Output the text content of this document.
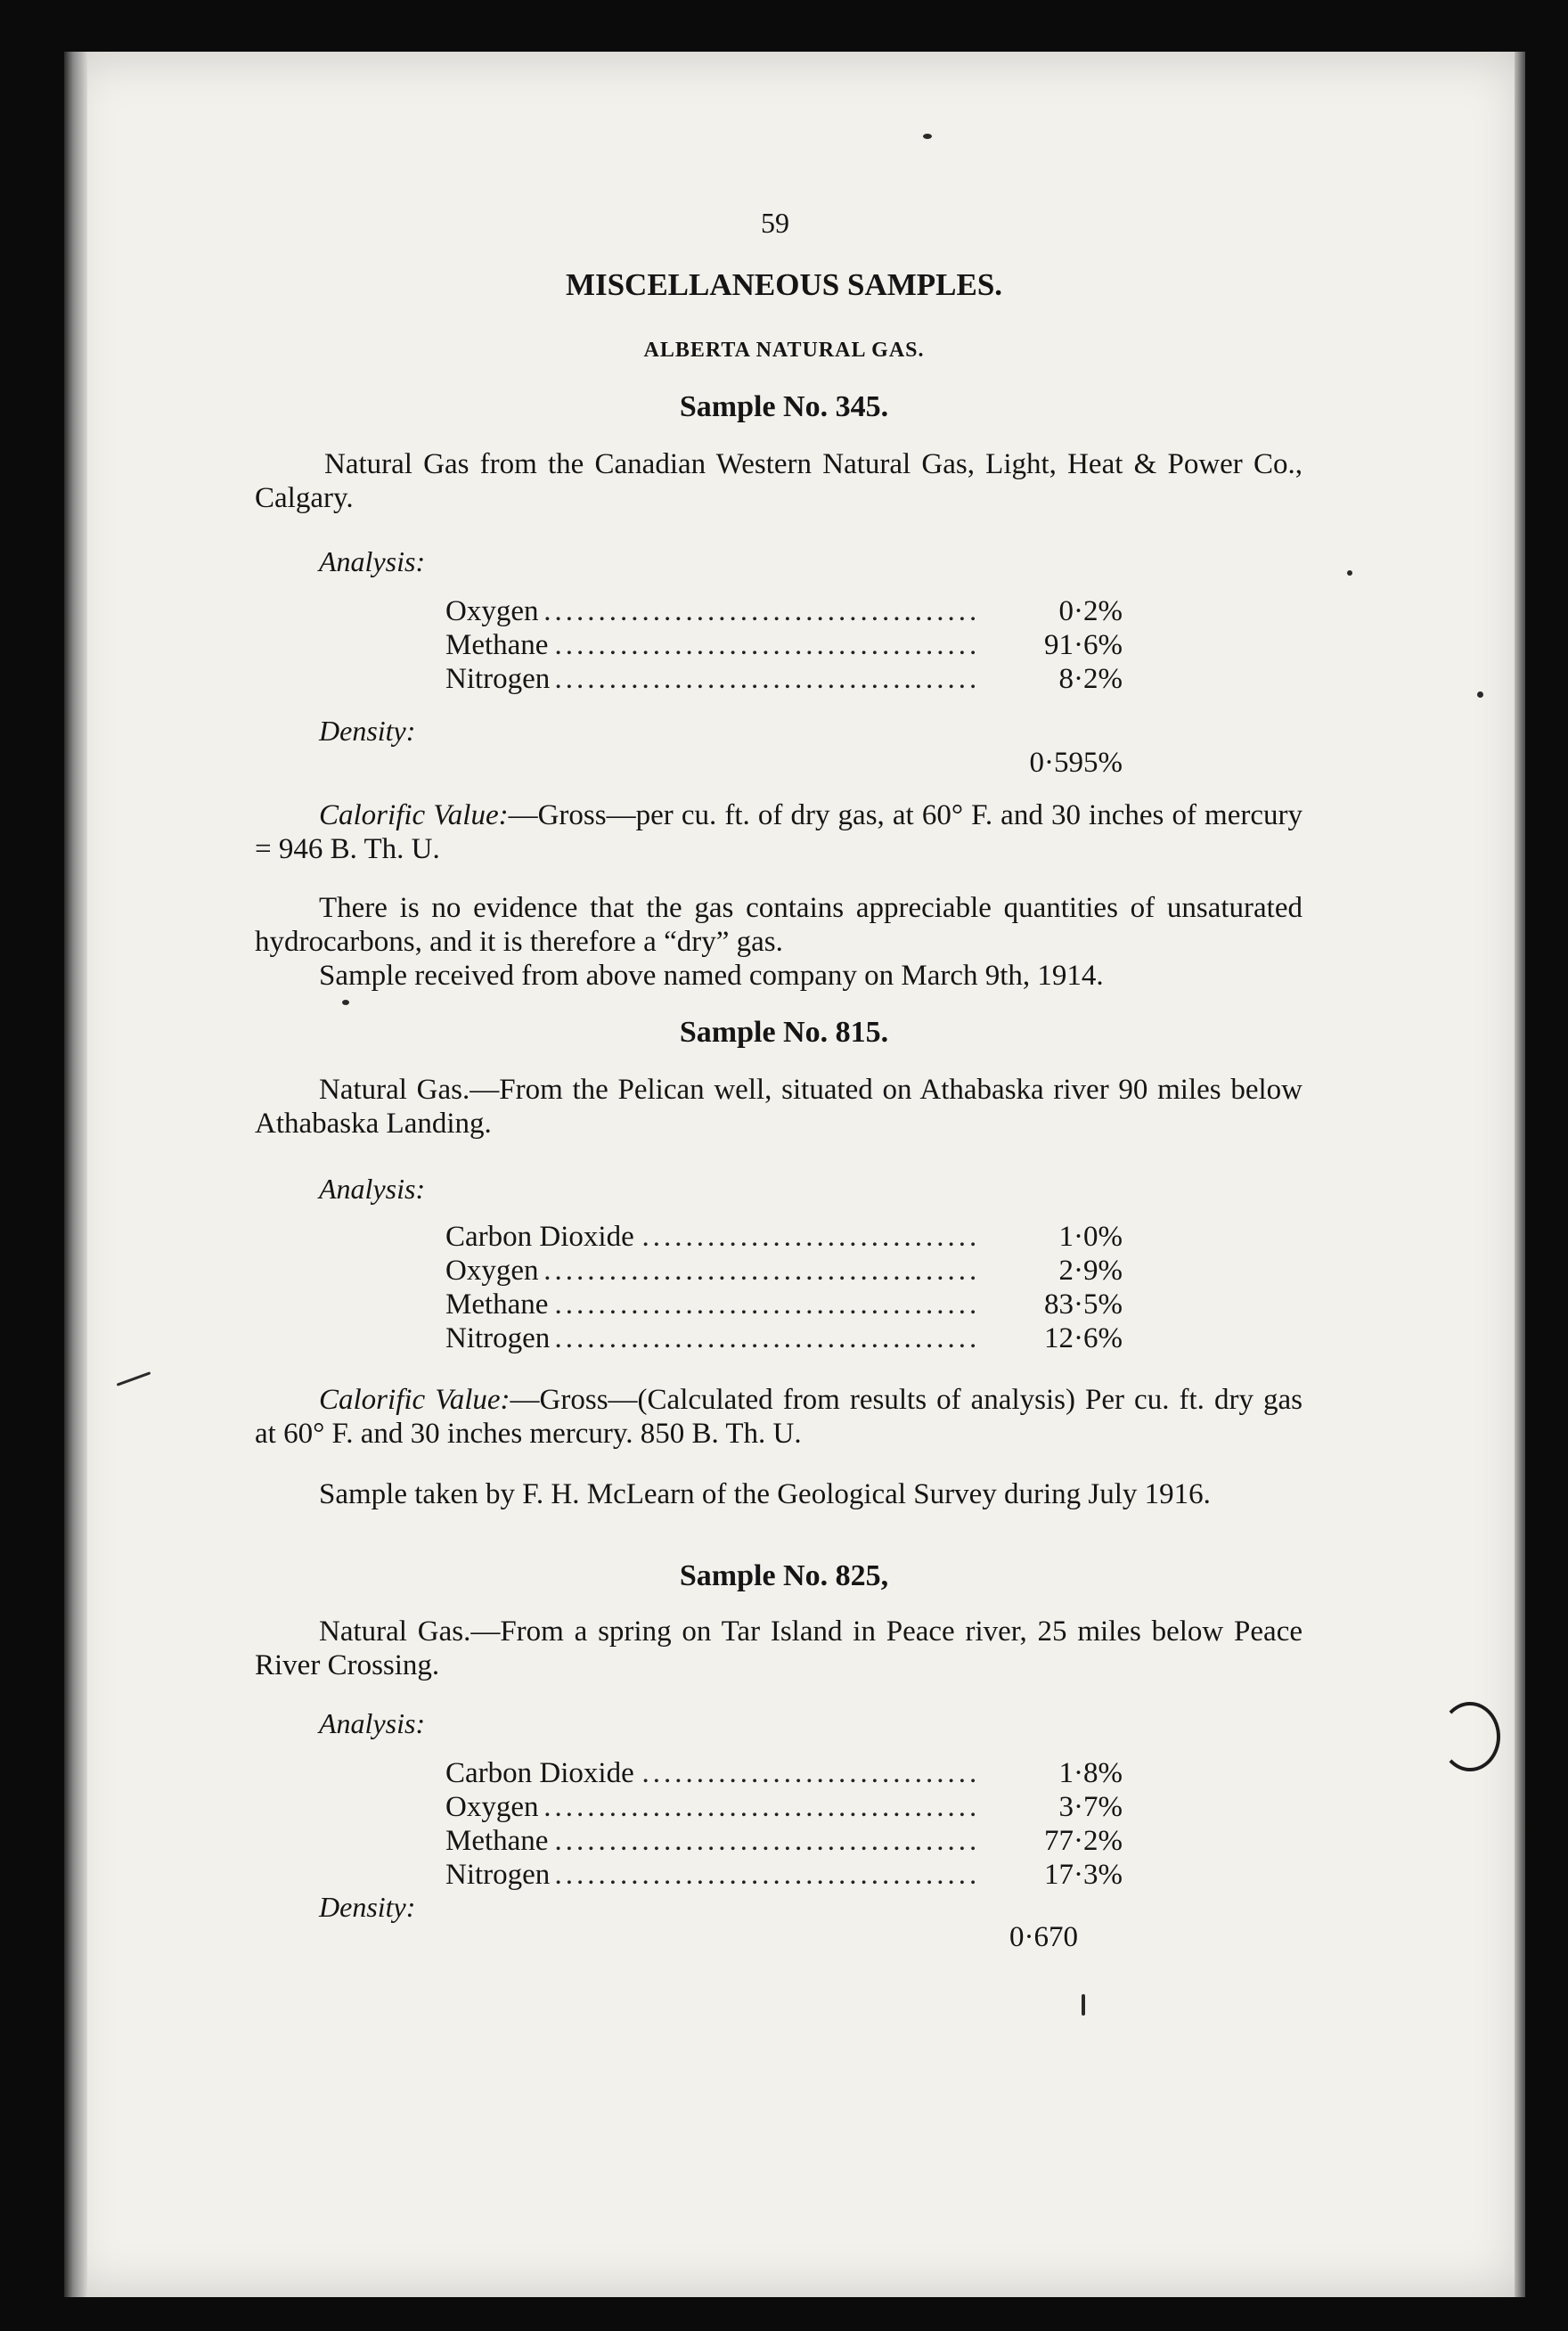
59

MISCELLANEOUS SAMPLES.

ALBERTA NATURAL GAS.

Sample No. 345.

Natural Gas from the Canadian Western Natural Gas, Light, Heat & Power Co., Calgary.

Analysis:

.....
Oxygen	0·2%
.....
Methane	91·6%
.....
Nitrogen	8·2%

Density:

0·595%

Calorific Value:—Gross—per cu. ft. of dry gas, at 60° F. and 30 inches of mercury = 946 B. Th. U.

There is no evidence that the gas contains appreciable quantities of unsaturated hydrocarbons, and it is therefore a “dry” gas.

Sample received from above named company on March 9th, 1914.

Sample No. 815.

Natural Gas.—From the Pelican well, situated on Athabaska river 90 miles below Athabaska Landing.

Analysis:

.....
Carbon Dioxide	1·0%
.....
Oxygen	2·9%
.....
Methane	83·5%
.....
Nitrogen	12·6%

Calorific Value:—Gross—(Calculated from results of analysis) Per cu. ft. dry gas at 60° F. and 30 inches mercury. 850 B. Th. U.

Sample taken by F. H. McLearn of the Geological Survey during July 1916.

Sample No. 825,

Natural Gas.—From a spring on Tar Island in Peace river, 25 miles below Peace River Crossing.

Analysis:

.....
Carbon Dioxide	1·8%
.....
Oxygen	3·7%
.....
Methane	77·2%
.....
Nitrogen	17·3%

Density:

0·670
